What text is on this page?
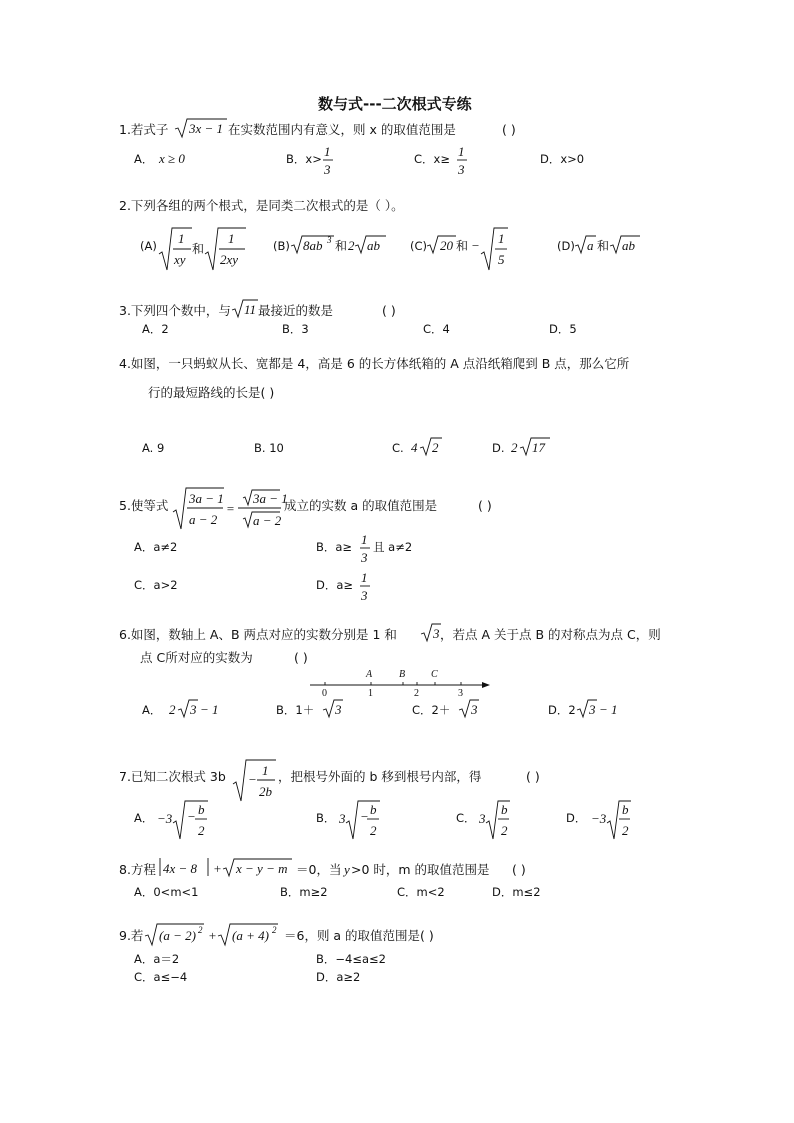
数与式---二次根式专练
1.若式子 3x − 1 在实数范围内有意义，则 x 的取值范围是	( )
A． x ≥ 0	B．x> 1
3
C．x≥ 1
3
D．x>0
2.下列各组的两个根式，是同类二次根式的是（ ）。
(A) 1
xy
和
1
2xy
(B) 8ab 3 和 2 ab	(C) 20 和 − 1
5
(D) a 和 ab
3.下列四个数中，与 11 最接近的数是	( )
A．2	B．3	C．4	D．5
4.如图，一只蚂蚁从长、宽都是 4，高是 6 的长方体纸箱的 A 点沿纸箱爬到 B 点，那么它所
行的最短路线的长是( )
A. 9	B. 10	C. 4 2	D. 2 17
5.使等式 3a − 1
a − 2
=
3a − 1
a − 2
成立的实数 a 的取值范围是	( )
A．a≠2	B．a≥ 1
3
且 a≠2
C．a>2	D．a≥ 1
3
6.如图，数轴上 A、B 两点对应的实数分别是 1 和	3 ，若点 A 关于点 B 的对称点为点 C，则
点 C所对应的实数为	( )
A	B	C
0	1	2	3
A． 2 3 − 1	B．1＋ 3	C．2＋ 3	D．2 3 − 1
7.已知二次根式 3b −
1
2b
，把根号外面的 b 移到根号内部，得	( )
A． −3 − b
2
B． 3 − b
2
C． 3
b
2
D． −3
b
2
8.方程 4x − 8 + x − y − m ＝0，当 y >0 时，m 的取值范围是 ( )
A．0<m<1	B．m≥2	C．m<2	D．m≤2
9.若 (a − 2) 2 + (a + 4) 2 ＝6，则 a 的取值范围是( )
A．a＝2	B．−4≤a≤2
C．a≤−4	D．a≥2
